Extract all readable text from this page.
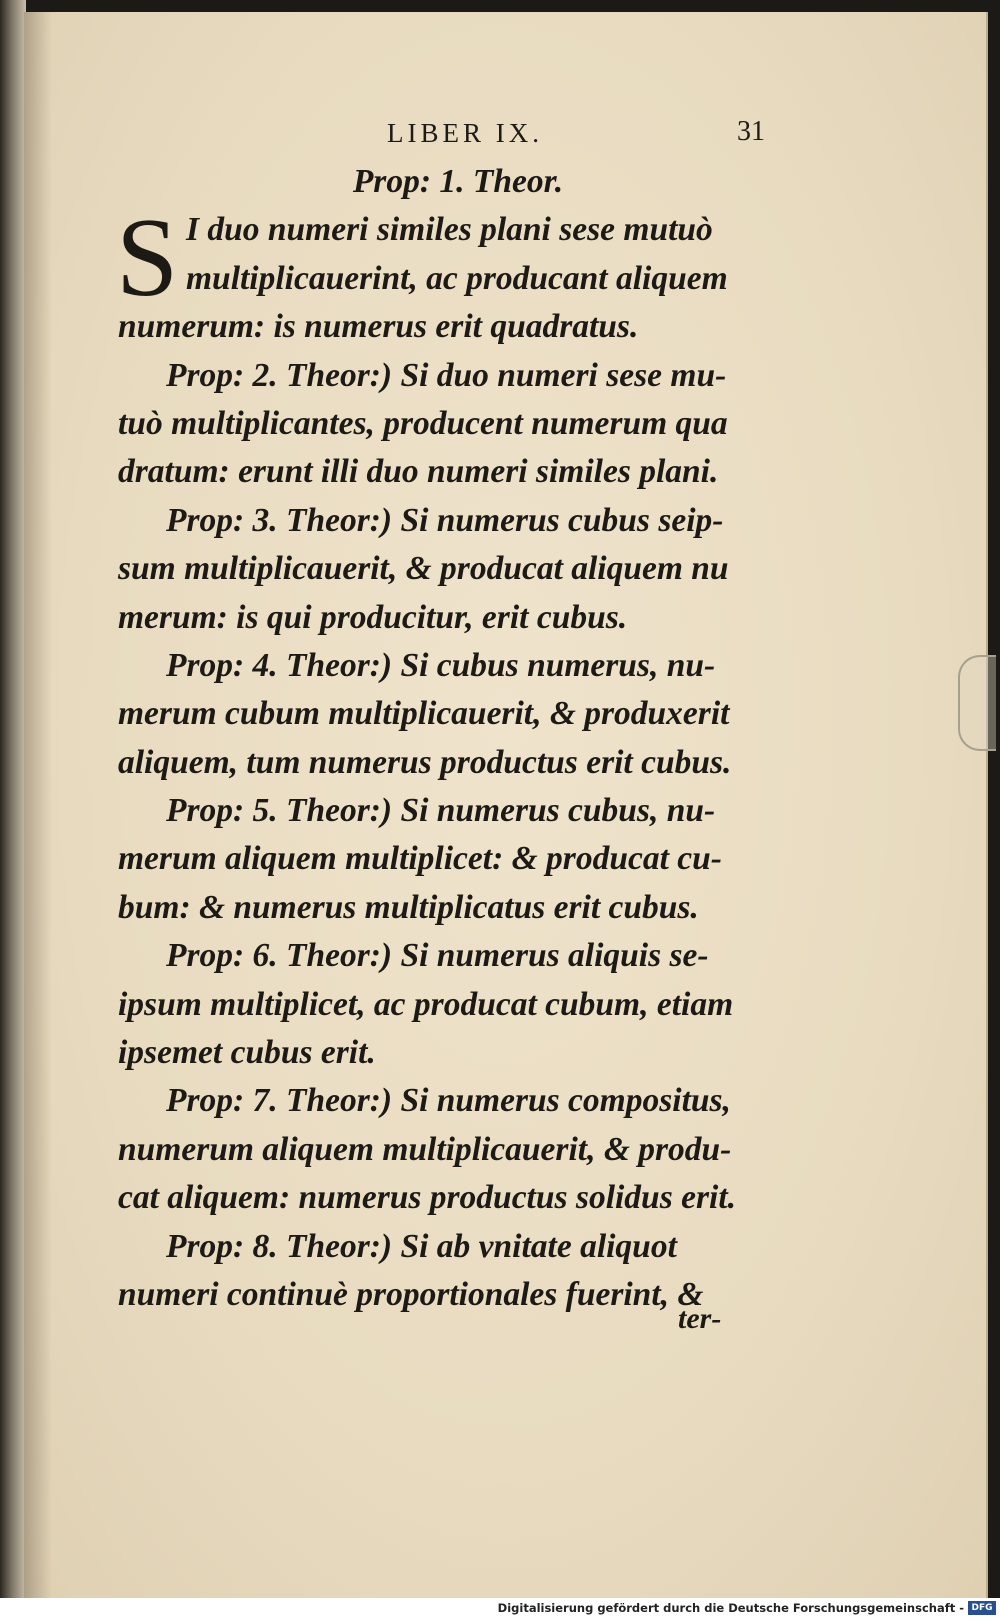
LIBER IX.	31
Prop: 1. Theor.
S I duo numeri similes plani sese mutuò
multiplicauerint, ac producant aliquem
numerum: is numerus erit quadratus.
Prop: 2. Theor:) Si duo numeri sese mu-
tuò multiplicantes, producent numerum qua
dratum: erunt illi duo numeri similes plani.
Prop: 3. Theor:) Si numerus cubus seip-
sum multiplicauerit, & producat aliquem nu
merum: is qui producitur, erit cubus.
Prop: 4. Theor:) Si cubus numerus, nu-
merum cubum multiplicauerit, & produxerit
aliquem, tum numerus productus erit cubus.
Prop: 5. Theor:) Si numerus cubus, nu-
merum aliquem multiplicet: & producat cu-
bum: & numerus multiplicatus erit cubus.
Prop: 6. Theor:) Si numerus aliquis se-
ipsum multiplicet, ac producat cubum, etiam
ipsemet cubus erit.
Prop: 7. Theor:) Si numerus compositus,
numerum aliquem multiplicauerit, & produ-
cat aliquem: numerus productus solidus erit.
Prop: 8. Theor:) Si ab vnitate aliquot
numeri continuè proportionales fuerint, &
ter-
Digitalisierung gefördert durch die Deutsche Forschungsgemeinschaft - DFG
